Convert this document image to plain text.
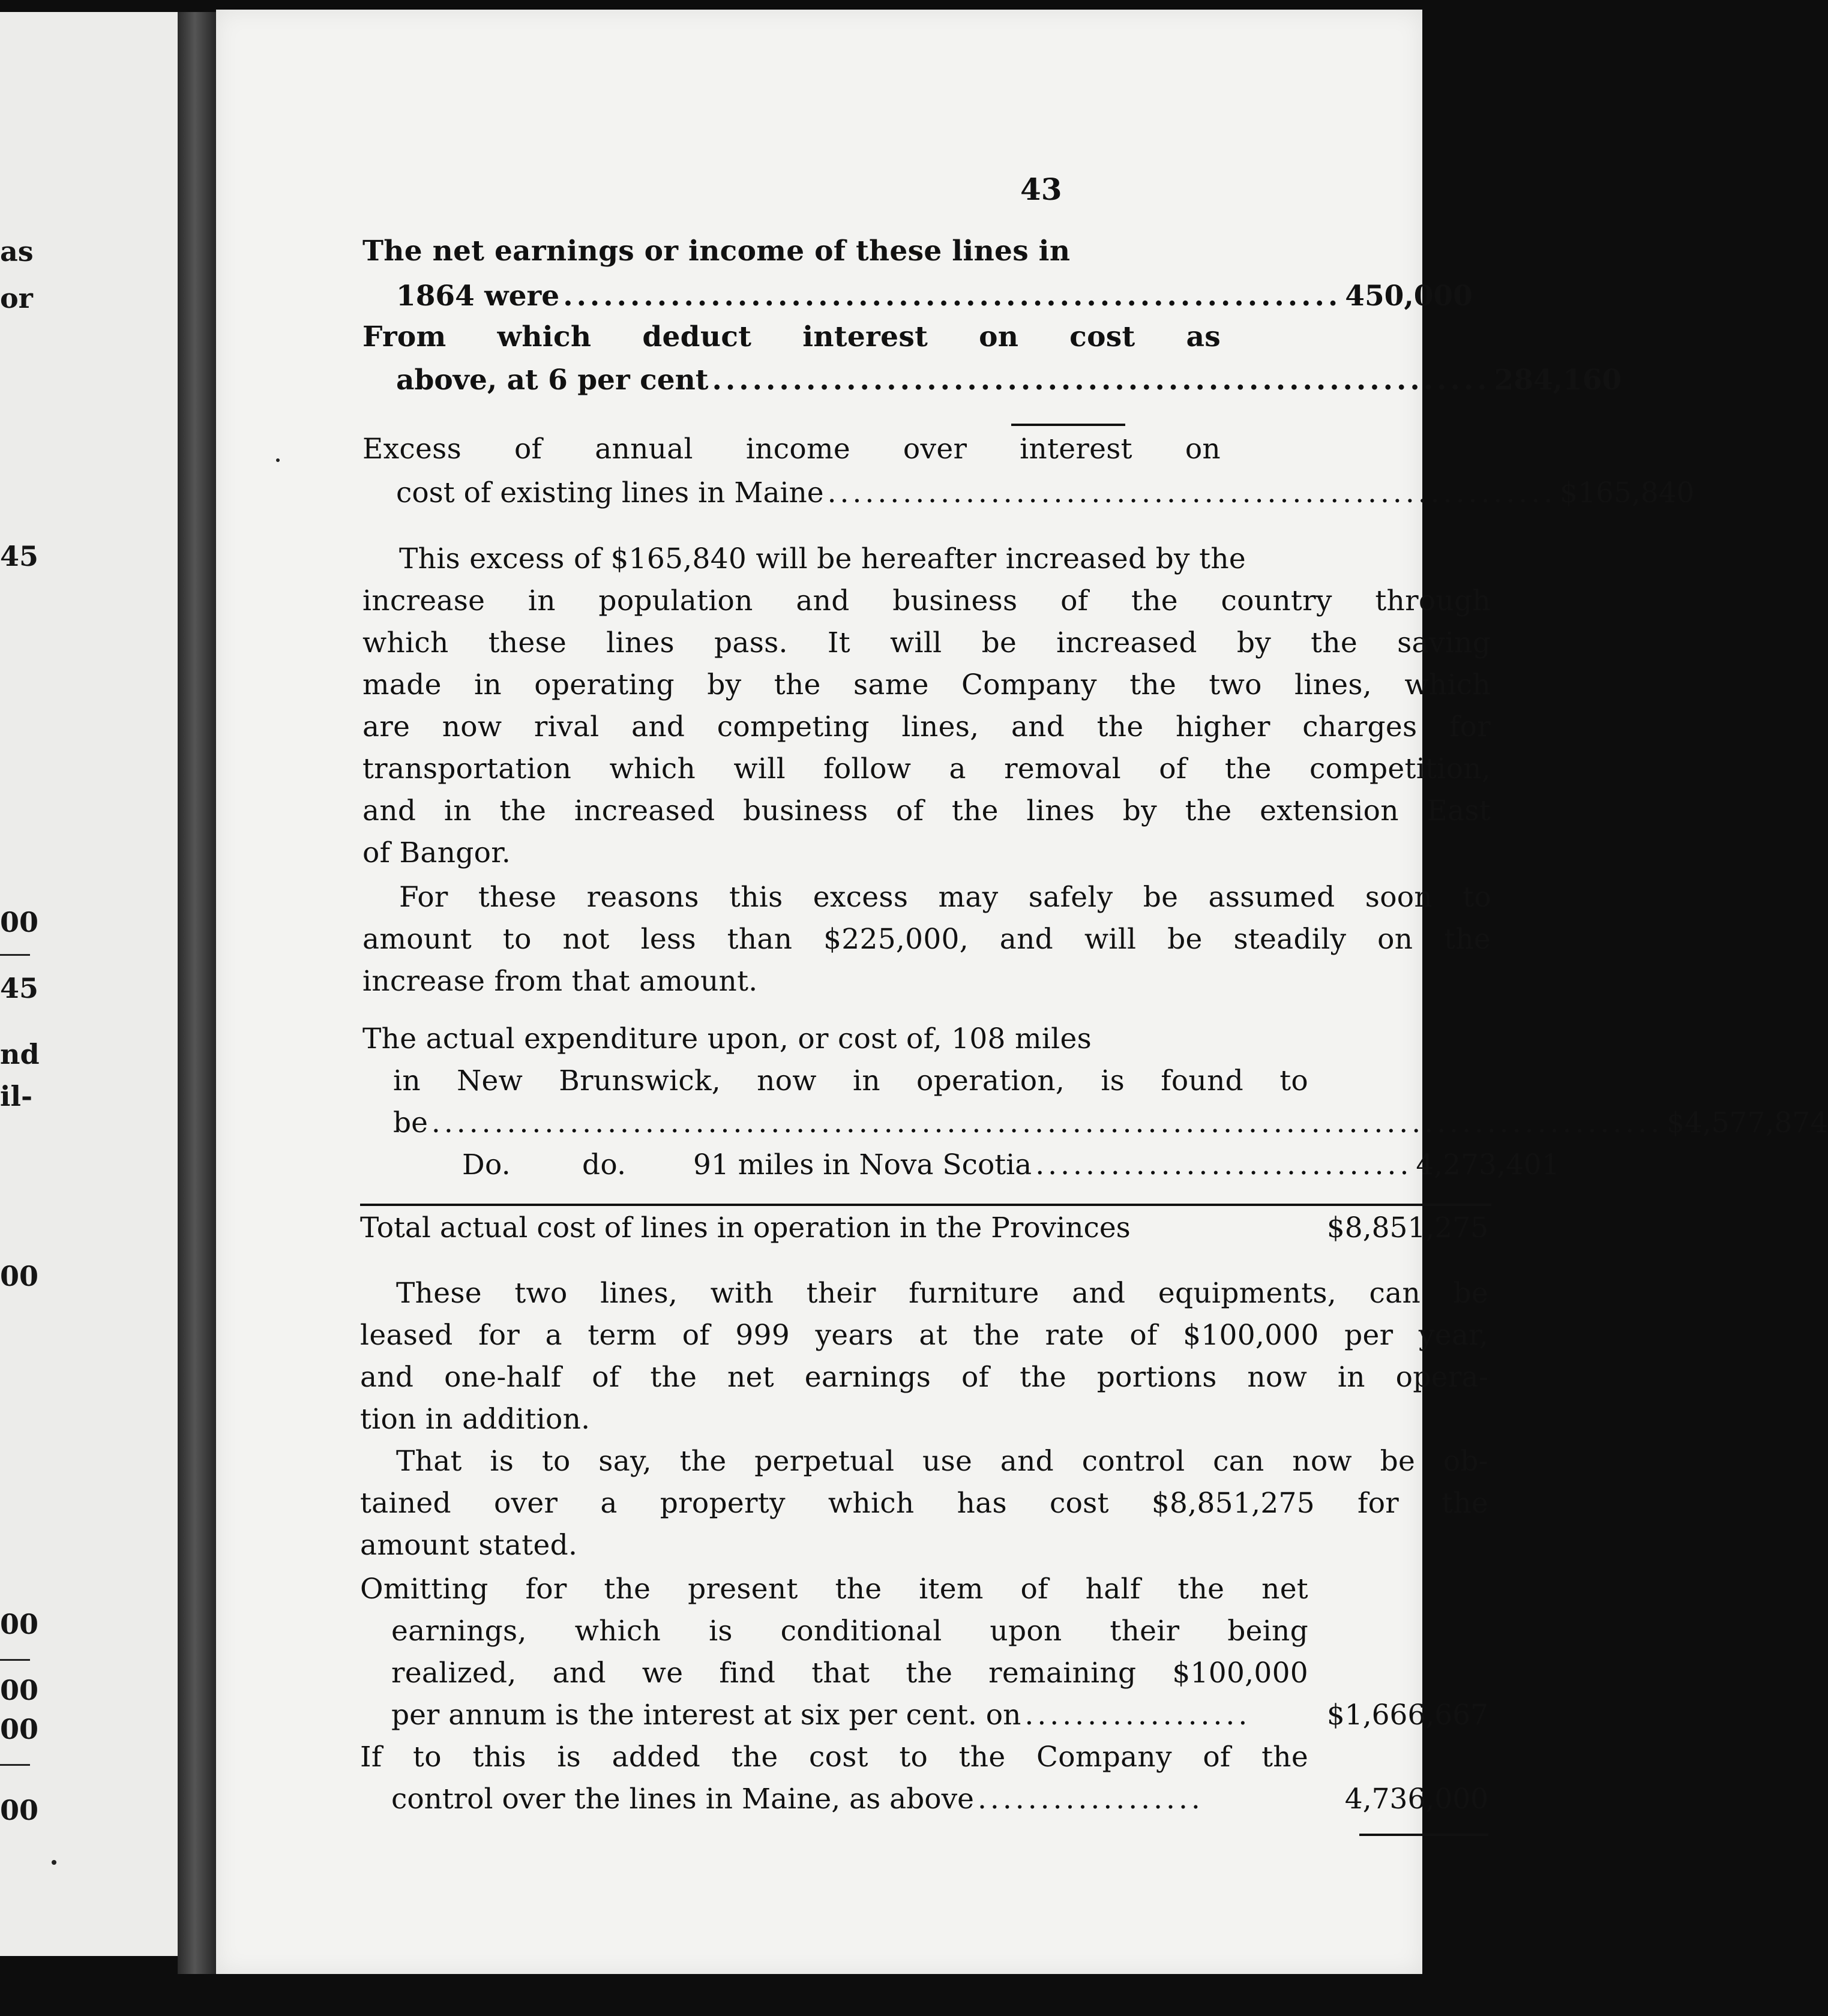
as
or
45
00
45
nd
il-
00
00
00
00
00
43
The net earnings or income of these lines in
1864 were .......................................................... 450,000
From which deduct interest on cost as
above, at 6 per cent .......................................................... 284,160
Excess of annual income over interest on
cost of existing lines in Maine .......................................................... $165,840
This excess of $165,840 will be hereafter increased by the
increase in population and business of the country through
which these lines pass. It will be increased by the saving
made in operating by the same Company the two lines, which
are now rival and competing lines, and the higher charges for
transportation which will follow a removal of the competition,
and in the increased business of the lines by the extension East
of Bangor.
For these reasons this excess may safely be assumed soon to
amount to not less than $225,000, and will be steadily on the
increase from that amount.
The actual expenditure upon, or cost of, 108 miles
in New Brunswick, now in operation, is found to
be .................................................................................................. $4,577,874
Do.	do. 91 miles in Nova Scotia .............................. 4,273,401
Total actual cost of lines in operation in the Provinces	$8,851,275
These two lines, with their furniture and equipments, can be
leased for a term of 999 years at the rate of $100,000 per year,
and one-half of the net earnings of the portions now in opera-
tion in addition.
That is to say, the perpetual use and control can now be ob-
tained over a property which has cost $8,851,275 for the
amount stated.
Omitting for the present the item of half the net
earnings, which is conditional upon their being
realized, and we find that the remaining $100,000
per annum is the interest at six per cent. on ..................	$1,666,667
If to this is added the cost to the Company of the
control over the lines in Maine, as above ..................	4,736,000
